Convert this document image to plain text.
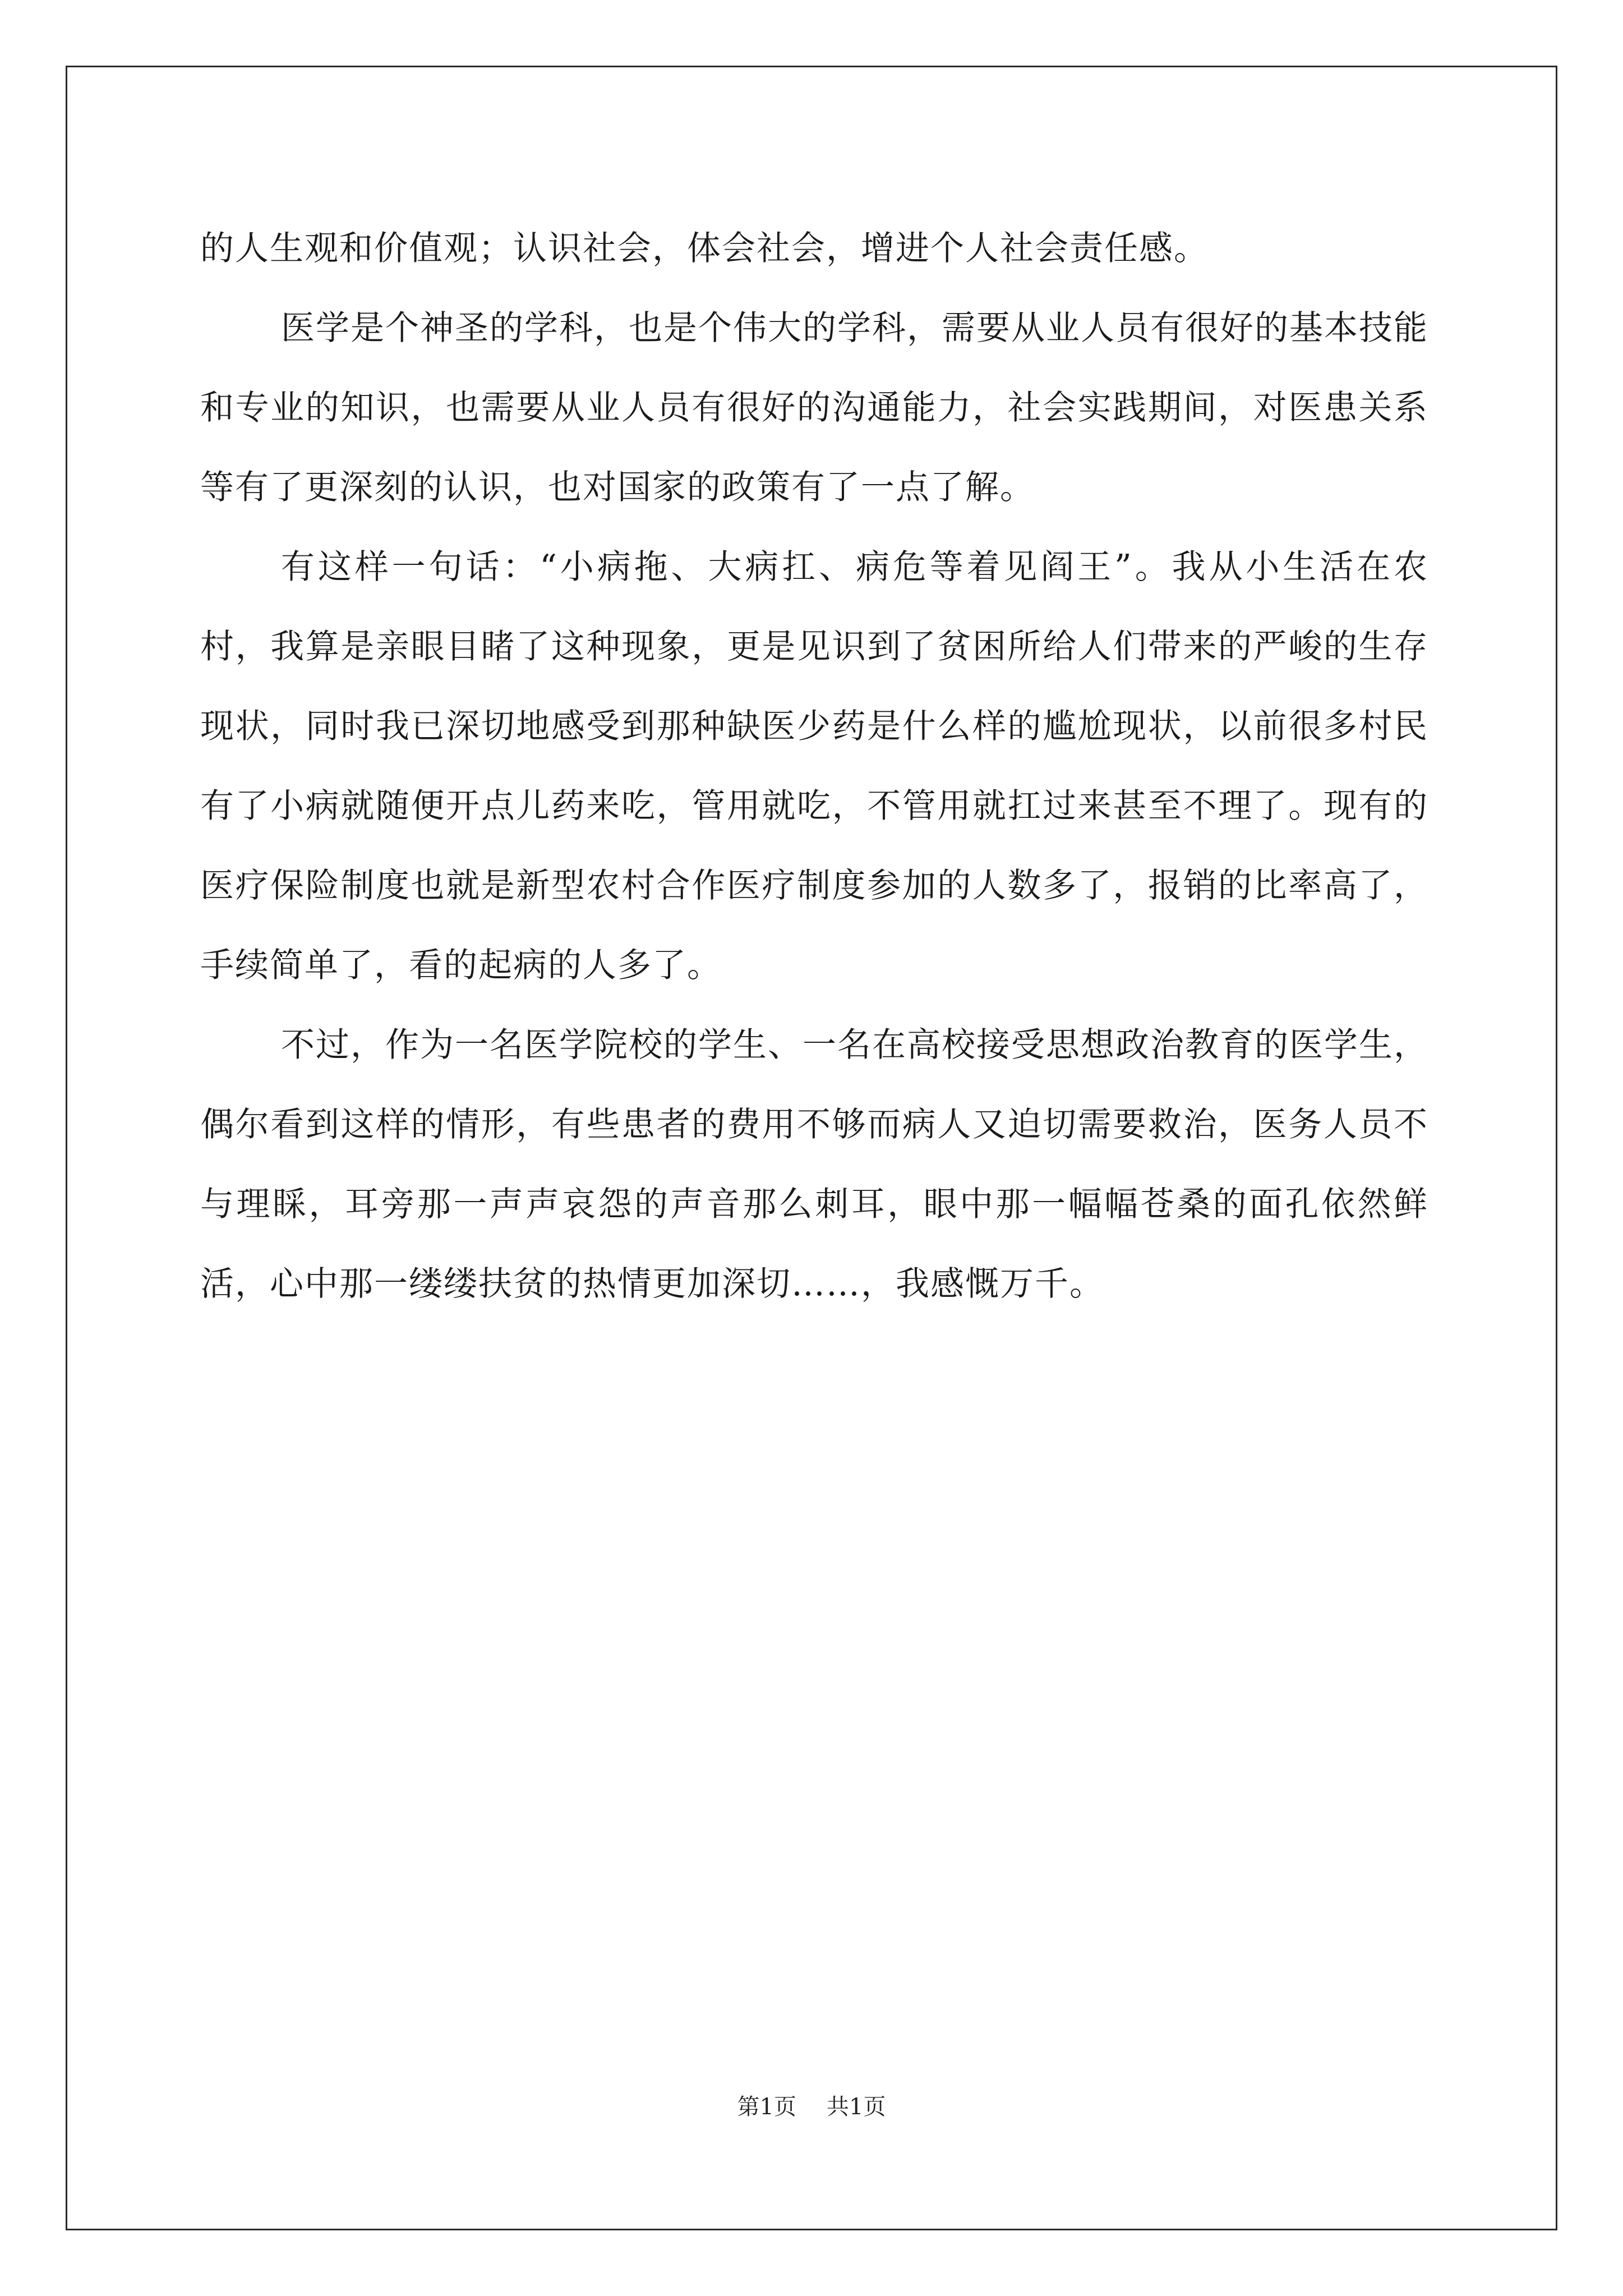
的人生观和价值观；认识社会，体会社会，增进个人社会责任感。

医学是个神圣的学科，也是个伟大的学科，需要从业人员有很好的基本技能和专业的知识，也需要从业人员有很好的沟通能力，社会实践期间，对医患关系等有了更深刻的认识，也对国家的政策有了一点了解。

有这样一句话：“小病拖、大病扛、病危等着见阎王”。我从小生活在农村，我算是亲眼目睹了这种现象，更是见识到了贫困所给人们带来的严峻的生存现状，同时我已深切地感受到那种缺医少药是什么样的尴尬现状，以前很多村民有了小病就随便开点儿药来吃，管用就吃，不管用就扛过来甚至不理了。现有的医疗保险制度也就是新型农村合作医疗制度参加的人数多了，报销的比率高了，手续简单了，看的起病的人多了。

不过，作为一名医学院校的学生、一名在高校接受思想政治教育的医学生，偶尔看到这样的情形，有些患者的费用不够而病人又迫切需要救治，医务人员不与理睬，耳旁那一声声哀怨的声音那么刺耳，眼中那一幅幅苍桑的面孔依然鲜活，心中那一缕缕扶贫的热情更加深切……，我感慨万千。

第1页 共1页
